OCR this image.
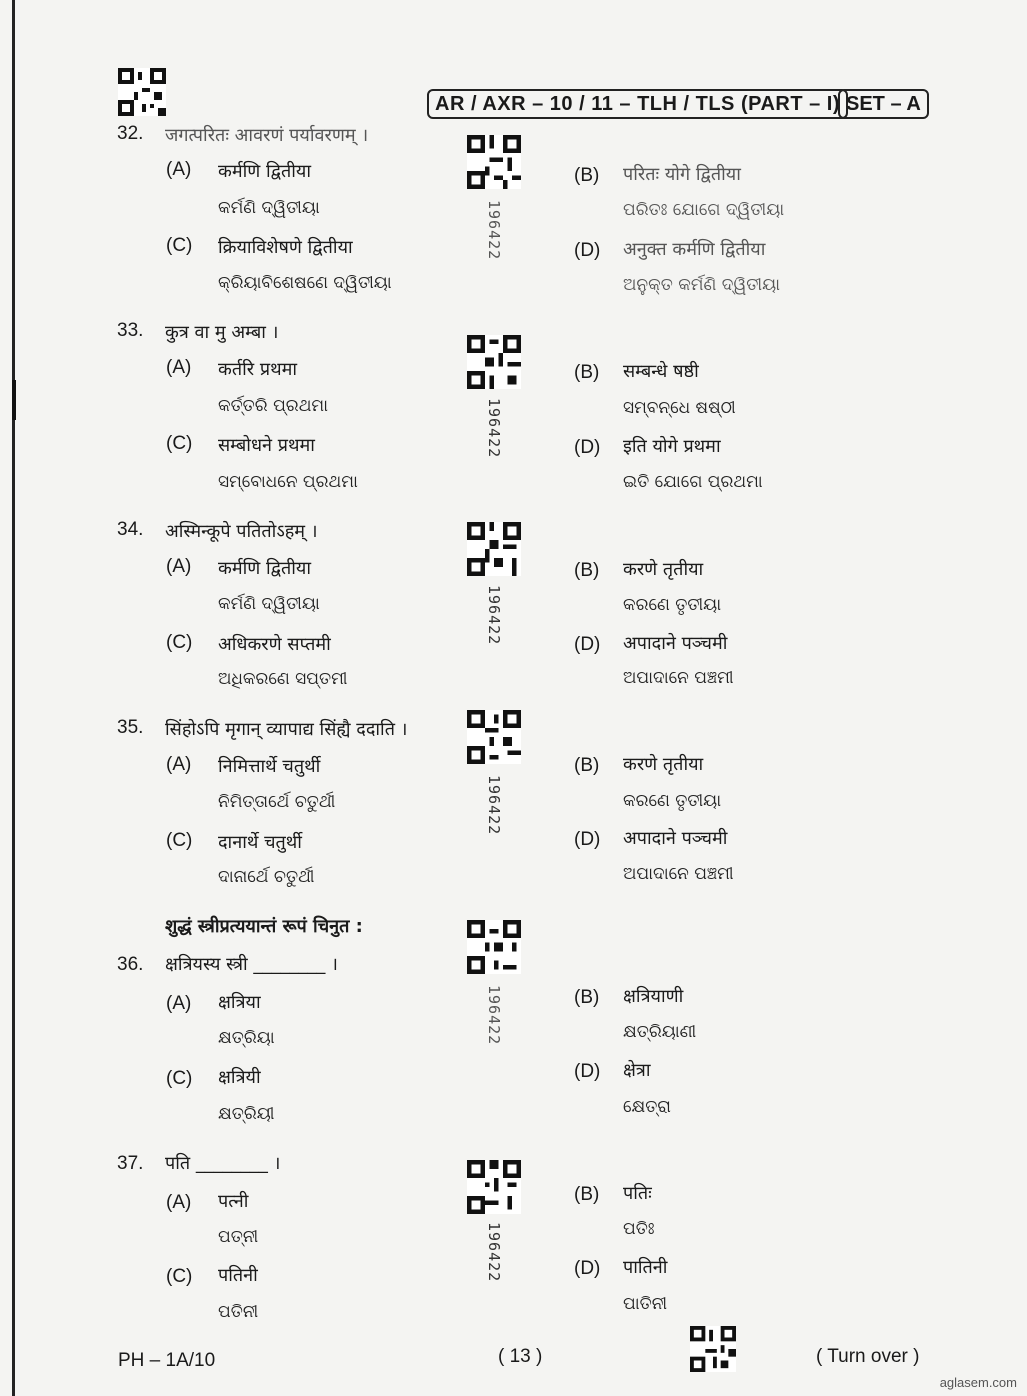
AR / AXR – 10 / 11 – TLH / TLS (PART – I) SET – A
32. जगत्परितः आवरणं पर्यावरणम् ।
(A) कर्मणि द्वितीया
କର୍ମଣି ଦ୍ୱିତୀୟା
(C) क्रियाविशेषणे द्वितीया
କ୍ରିୟାବିଶେଷଣେ ଦ୍ୱିତୀୟା
(B) परितः योगे द्वितीया
ପରିତଃ ଯୋଗେ ଦ୍ୱିତୀୟା
(D) अनुक्त कर्मणि द्वितीया
ଅନୁକ୍ତ କର୍ମଣି ଦ୍ୱିତୀୟା
33. कुत्र वा मु अम्बा ।
(A) कर्तरि प्रथमा
କର୍ତ୍ତରି ପ୍ରଥମା
(C) सम्बोधने प्रथमा
ସମ୍ବୋଧନେ ପ୍ରଥମା
(B) सम्बन्धे षष्ठी
ସମ୍ବନ୍ଧେ ଷଷ୍ଠୀ
(D) इति योगे प्रथमा
ଇତି ଯୋଗେ ପ୍ରଥମା
34. अस्मिन्कूपे पतितोऽहम् ।
(A) कर्मणि द्वितीया
କର୍ମଣି ଦ୍ୱିତୀୟା
(C) अधिकरणे सप्तमी
ଅଧିକରଣେ ସପ୍ତମୀ
(B) करणे तृतीया
କରଣେ ତୃତୀୟା
(D) अपादाने पञ्चमी
ଅପାଦାନେ ପଞ୍ଚମୀ
35. सिंहोऽपि मृगान् व्यापाद्य सिंह्यै ददाति ।
(A) निमित्तार्थे चतुर्थी
ନିମିତ୍ତାର୍ଥେ ଚତୁର୍ଥୀ
(C) दानार्थे चतुर्थी
ଦାନାର୍ଥେ ଚତୁର୍ଥୀ
(B) करणे तृतीया
କରଣେ ତୃତୀୟା
(D) अपादाने पञ्चमी
ଅପାଦାନେ ପଞ୍ଚମୀ
शुद्धं स्त्रीप्रत्ययान्तं रूपं चिनुत :
36. क्षत्रियस्य स्त्री ________ ।
(A) क्षत्रिया
କ୍ଷତ୍ରିୟା
(C) क्षत्रियी
କ୍ଷତ୍ରିୟୀ
(B) क्षत्रियाणी
କ୍ଷତ୍ରିୟାଣୀ
(D) क्षेत्रा
କ୍ଷେତ୍ରା
37. पति ________ ।
(A) पत्नी
ପତ୍ନୀ
(C) पतिनी
ପତିନୀ
(B) पतिः
ପତିଃ
(D) पातिनी
ପାତିନୀ
196422
196422
196422
196422
196422
196422
PH – 1A/10	( 13 )	( Turn over )
aglasem.com
